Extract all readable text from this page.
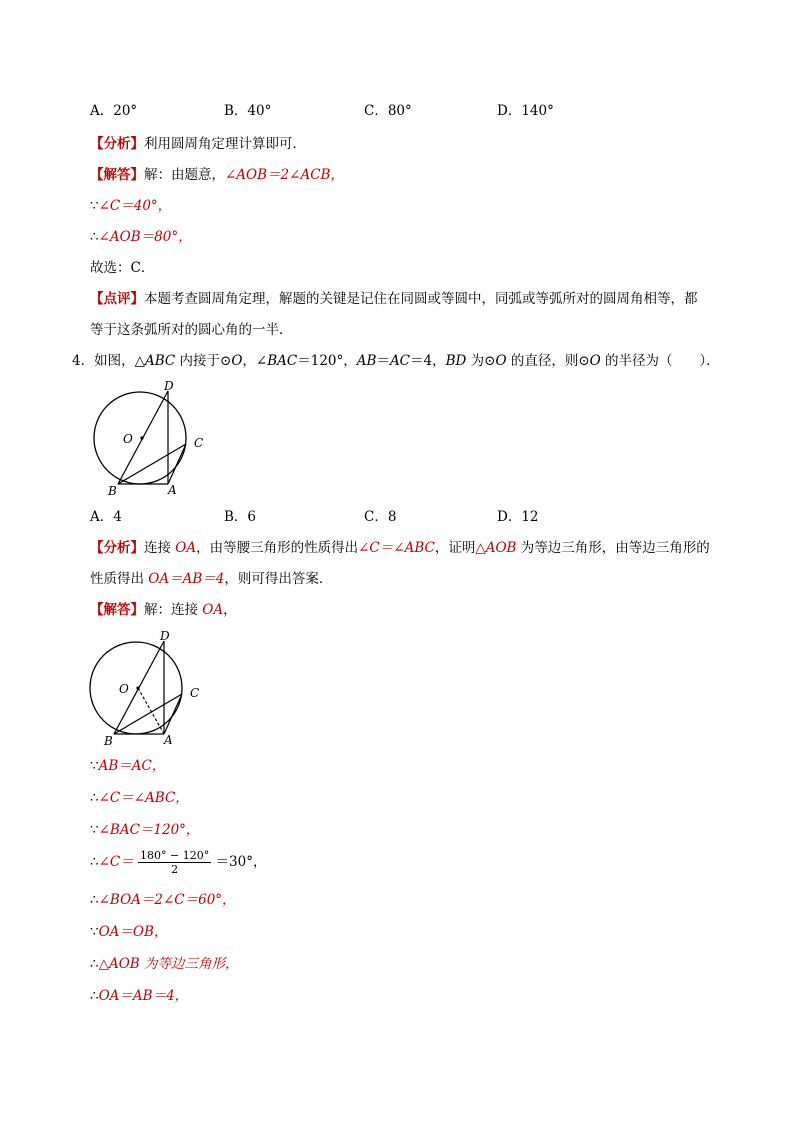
A．20°	B．40°	C．80°	D．140°
【分析】利用圆周角定理计算即可．
【解答】解：由题意，∠AOB＝2∠ACB，
∵∠C＝40°，
∴∠AOB＝80°，
故选：C．
【点评】本题考查圆周角定理，解题的关键是记住在同圆或等圆中，同弧或等弧所对的圆周角相等，都
等于这条弧所对的圆心角的一半．
4．如图，△ABC 内接于⊙O，∠BAC＝120°，AB＝AC＝4，BD 为⊙O 的直径，则⊙O 的半径为（　　）．
D
O	C
B	A
A．4	B．6	C．8	D．12
【分析】连接 OA，由等腰三角形的性质得出∠C＝∠ABC，证明△AOB 为等边三角形，由等边三角形的
性质得出 OA＝AB＝4，则可得出答案．
【解答】解：连接 OA，
D
O	C
B	A
∵AB＝AC，
∴∠C＝∠ABC，
∵∠BAC＝120°，
∴∠C＝ $\frac{180^\circ - 120^\circ}{2} =30^\circ$，
∴∠BOA＝2∠C＝60°，
∵OA＝OB，
∴△AOB 为等边三角形，
∴OA＝AB＝4，
